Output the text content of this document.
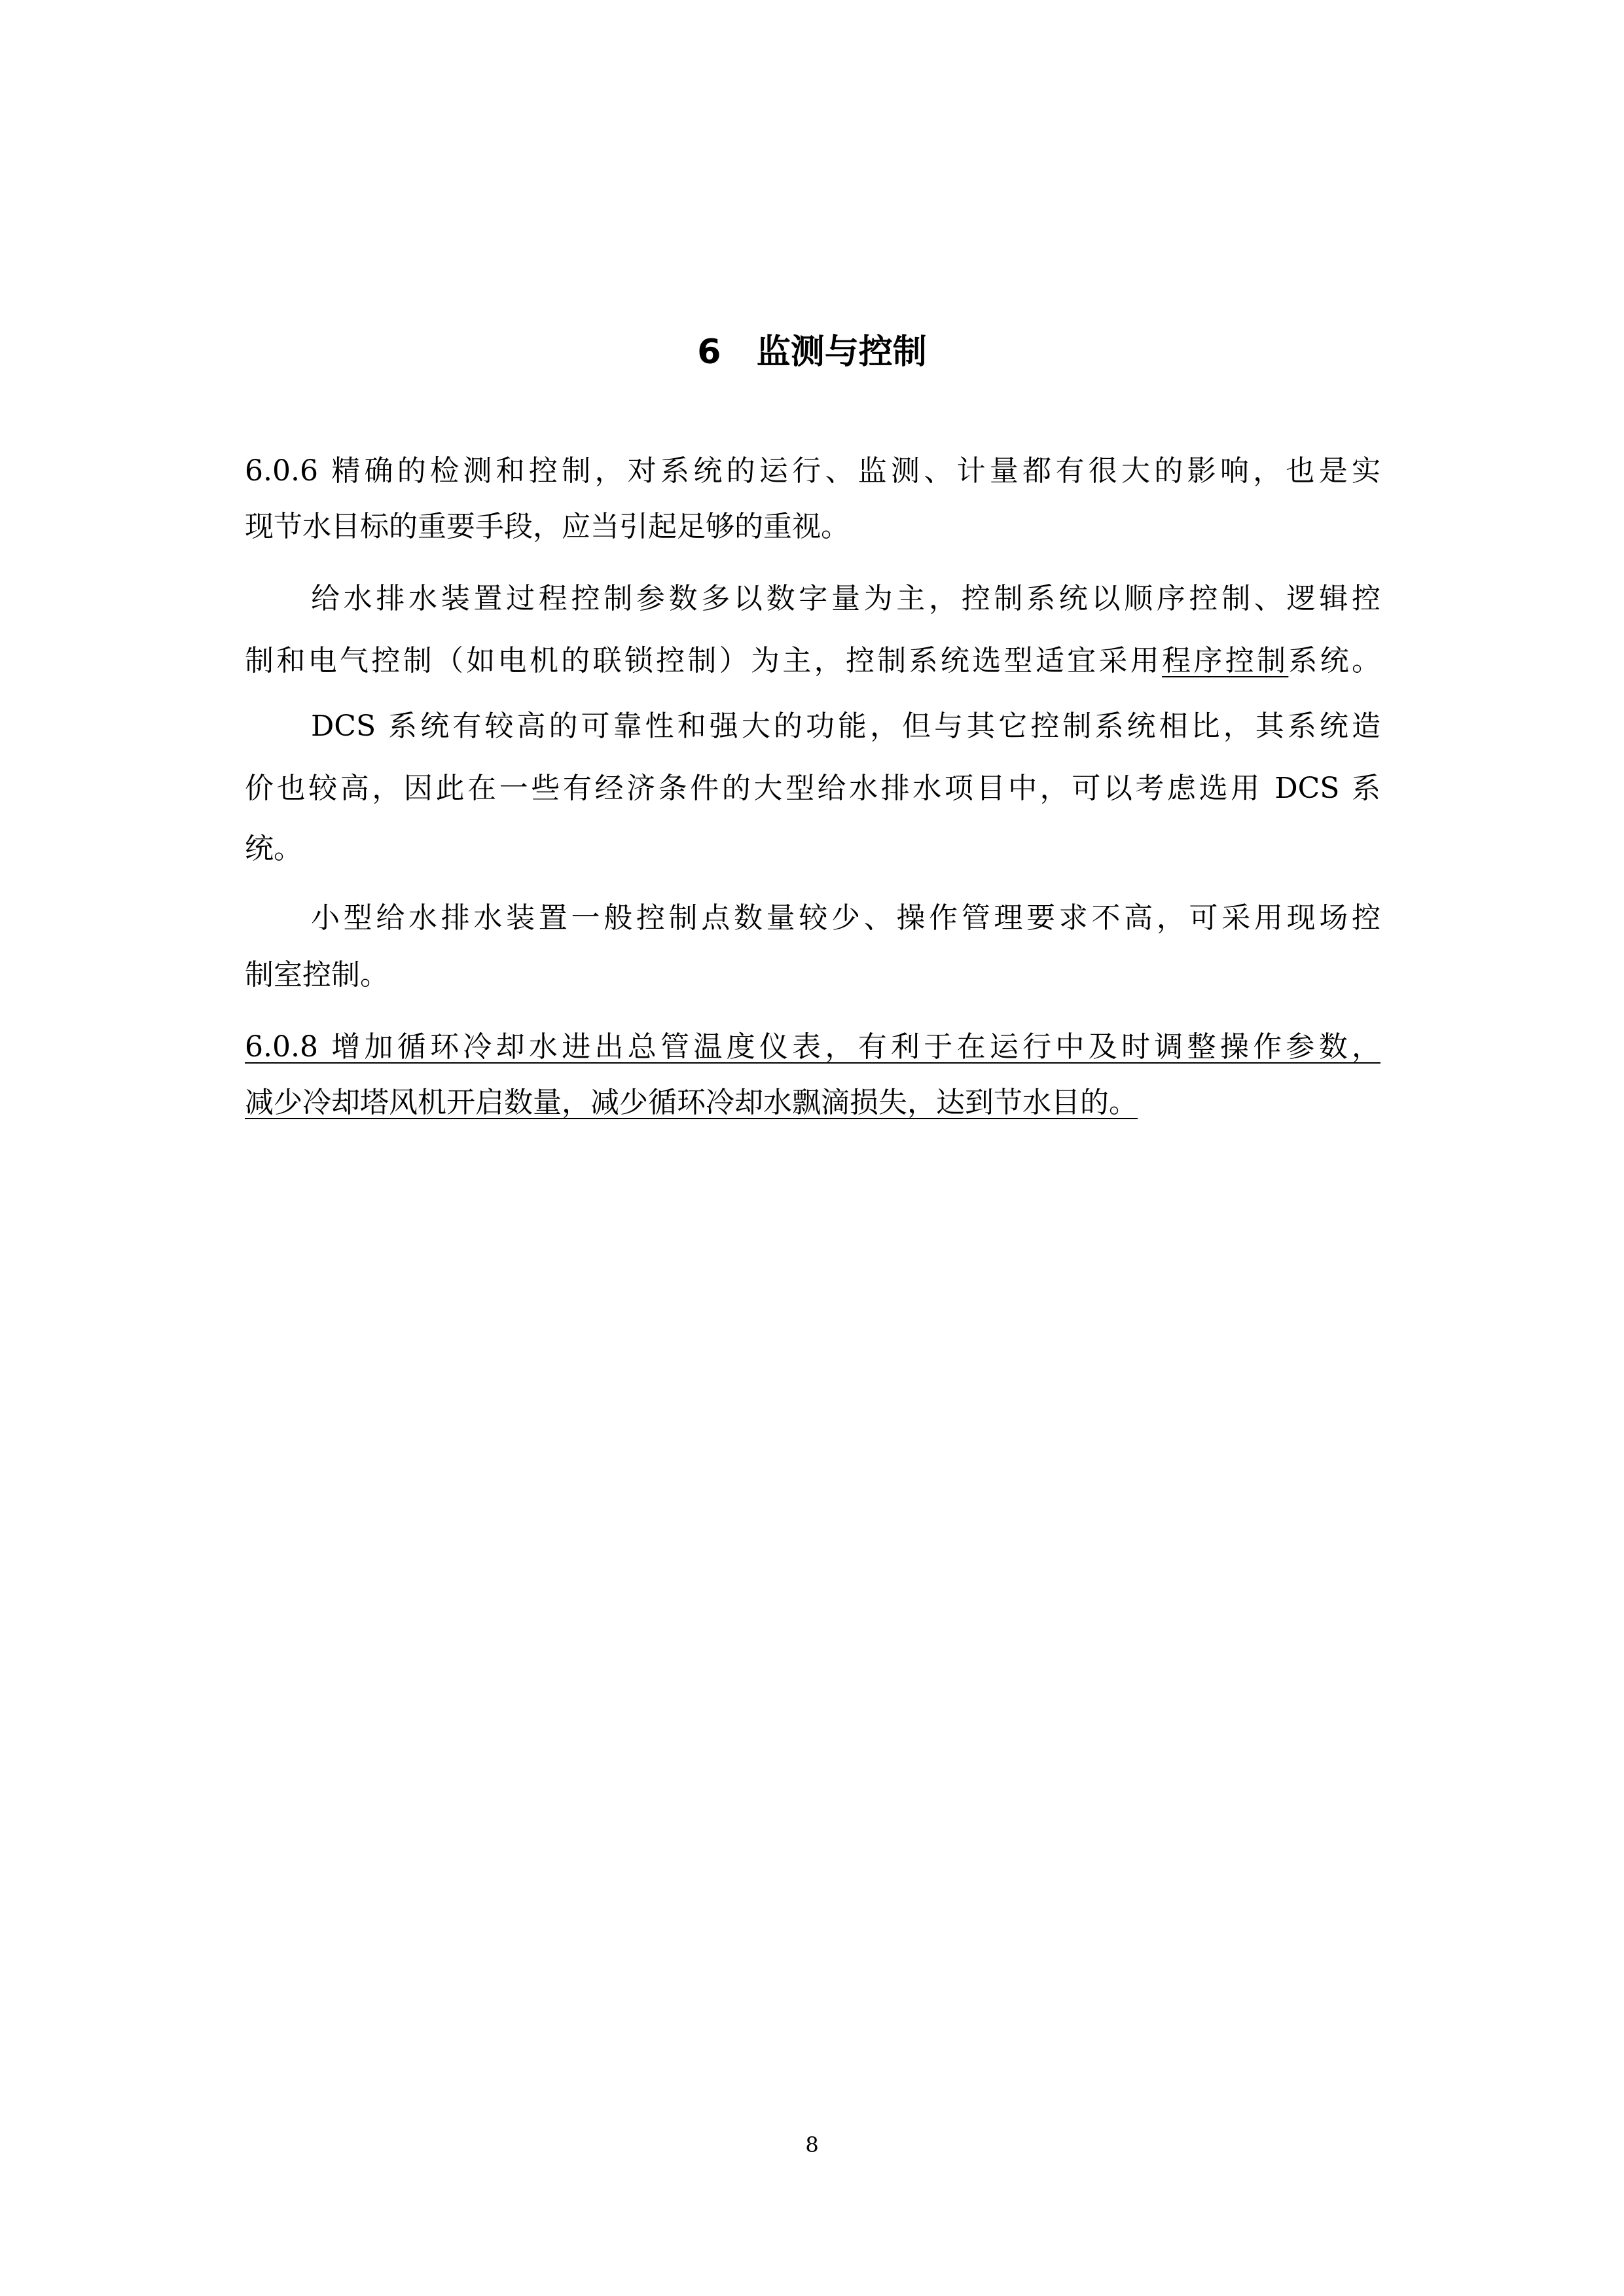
6   监测与控制
6.0.6 精确的检测和控制，对系统的运行、监测、计量都有很大的影响，也是实
现节水目标的重要手段，应当引起足够的重视。
给水排水装置过程控制参数多以数字量为主，控制系统以顺序控制、逻辑控
制和电气控制（如电机的联锁控制）为主，控制系统选型适宜采用程序控制系统。
DCS 系统有较高的可靠性和强大的功能，但与其它控制系统相比，其系统造
价也较高，因此在一些有经济条件的大型给水排水项目中，可以考虑选用 DCS 系
统。
小型给水排水装置一般控制点数量较少、操作管理要求不高，可采用现场控
制室控制。
6.0.8 增加循环冷却水进出总管温度仪表，有利于在运行中及时调整操作参数，
减少冷却塔风机开启数量，减少循环冷却水飘滴损失，达到节水目的。
8
